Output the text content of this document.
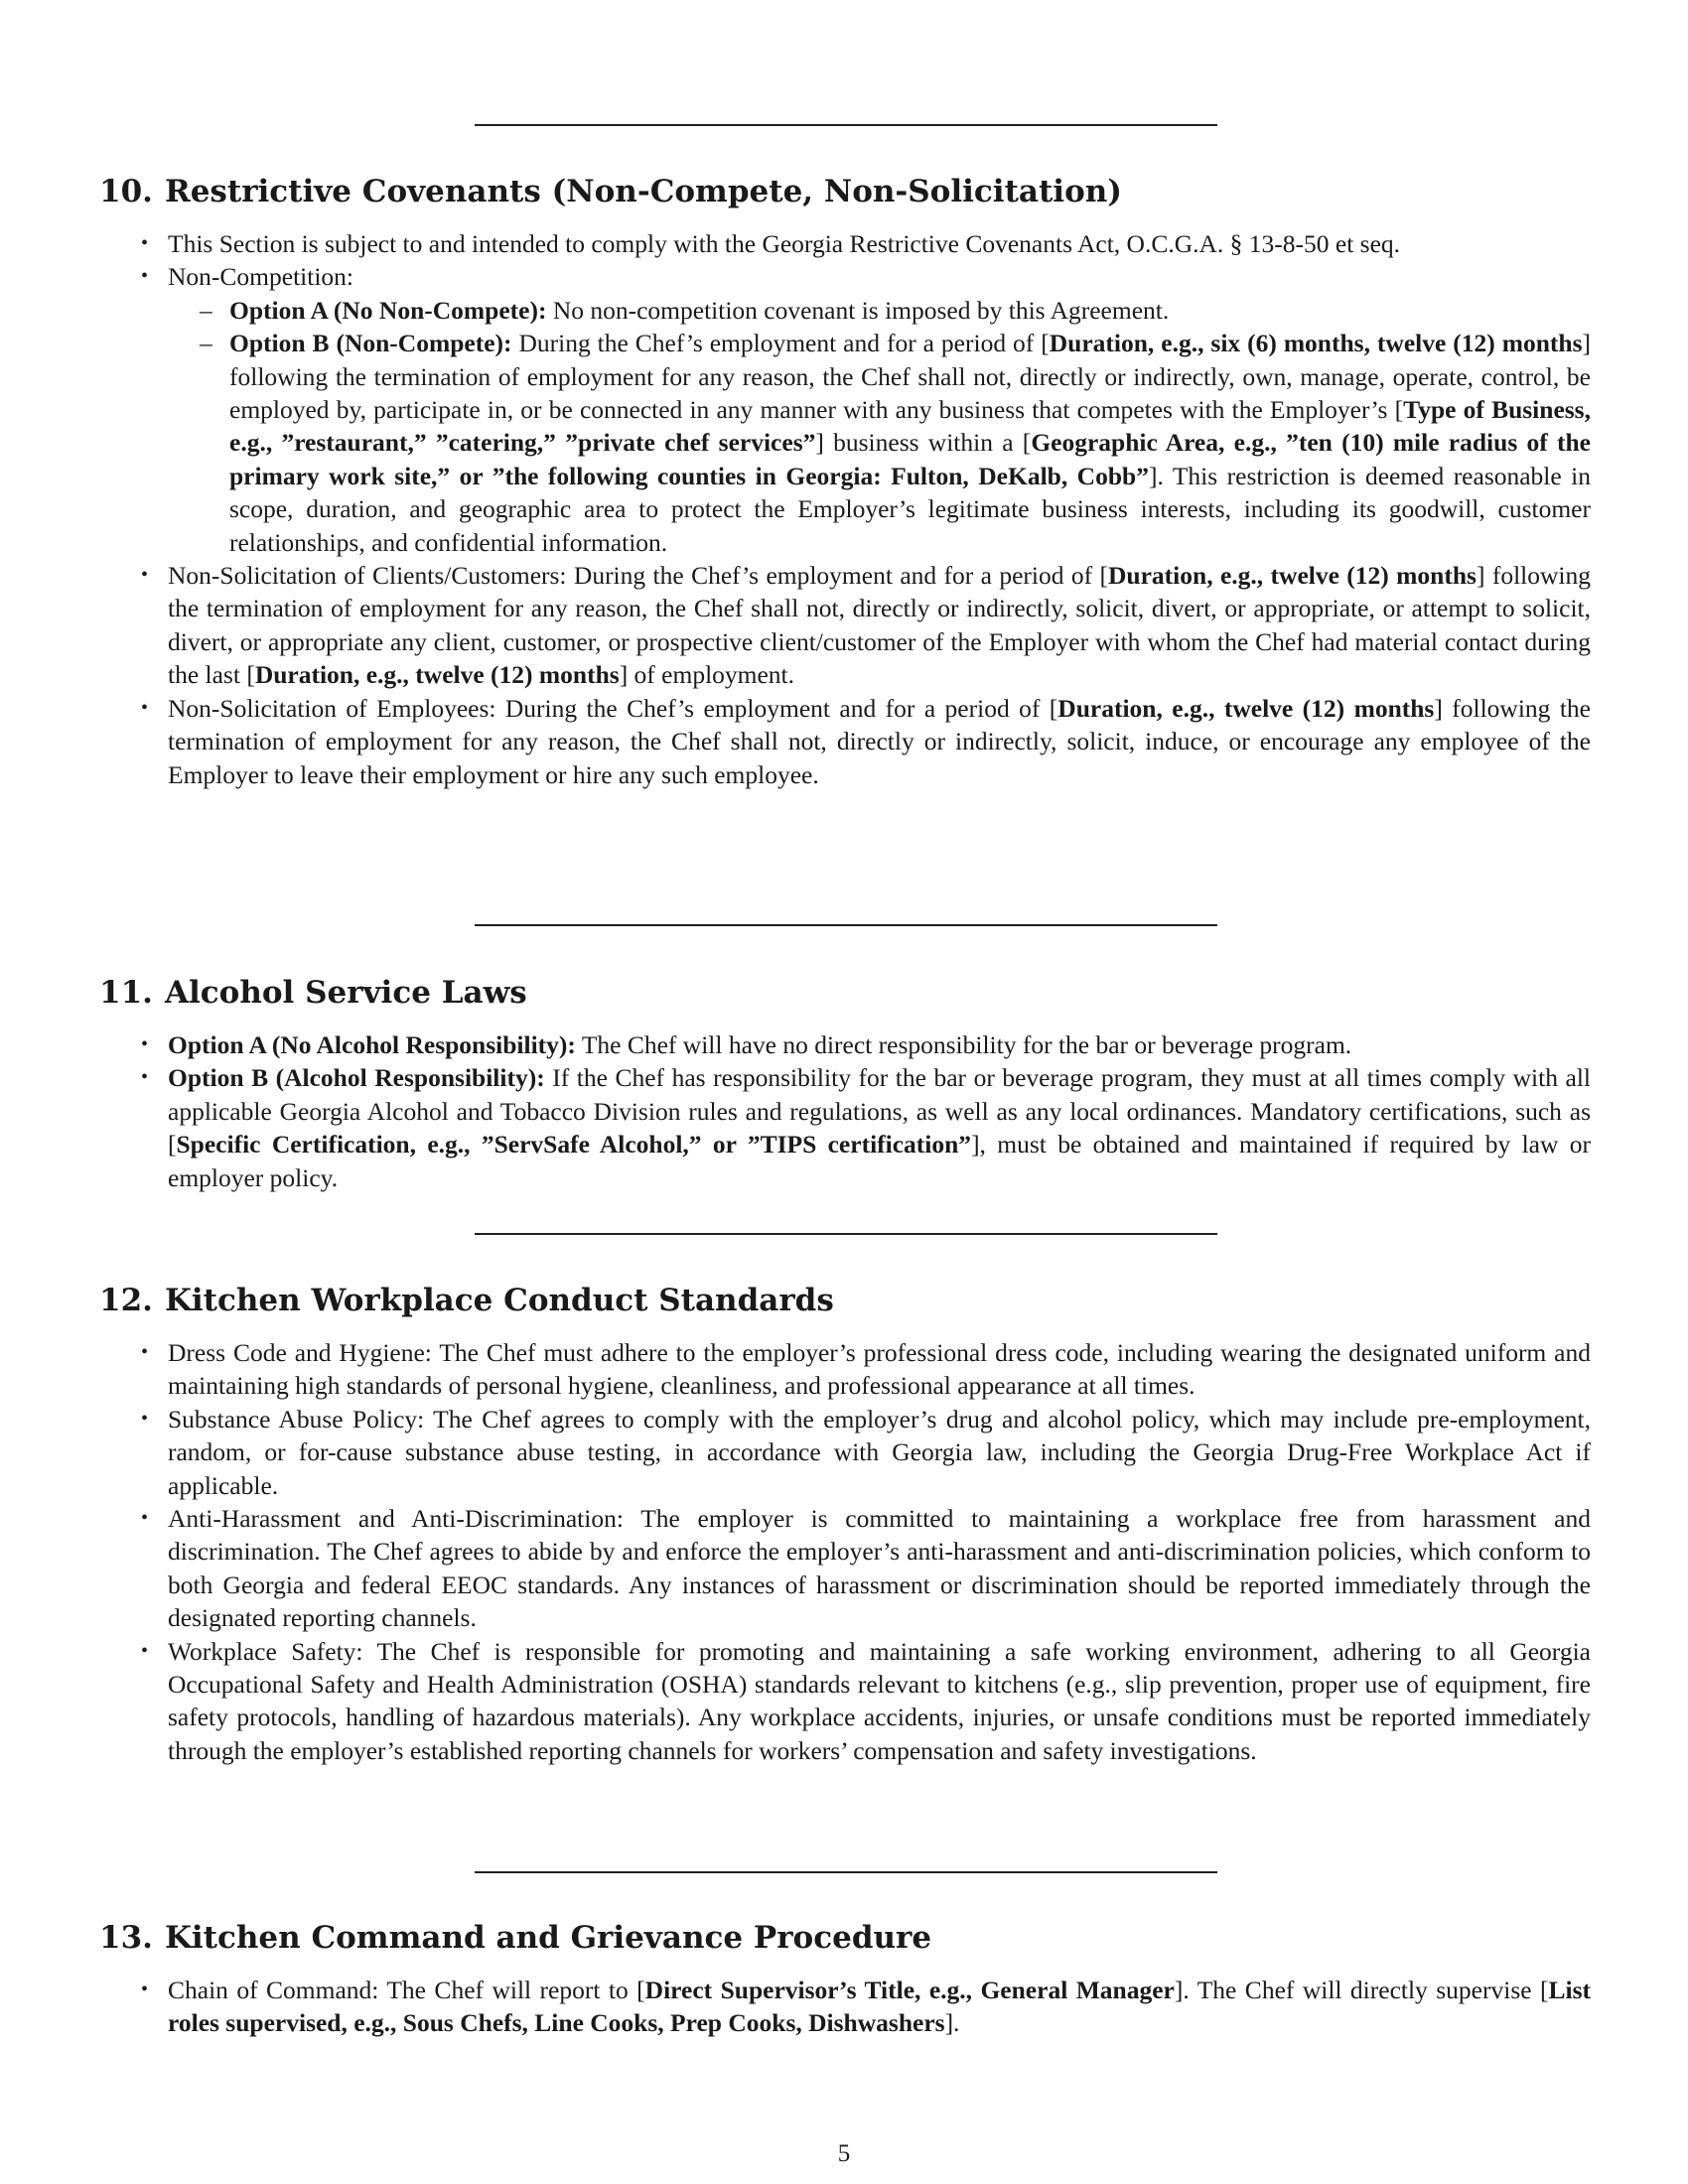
10. Restrictive Covenants (Non-Compete, Non-Solicitation)
• This Section is subject to and intended to comply with the Georgia Restrictive Covenants Act, O.C.G.A. § 13-8-50 et seq.
• Non-Competition:
– Option A (No Non-Compete): No non-competition covenant is imposed by this Agreement.
– Option B (Non-Compete): During the Chef’s employment and for a period of [Duration, e.g., six (6) months, twelve (12) months] following the termination of employment for any reason, the Chef shall not, directly or indirectly, own, manage, operate, control, be employed by, participate in, or be connected in any manner with any business that competes with the Employer’s [Type of Business, e.g., ”restaurant,” ”catering,” ”private chef services”] business within a [Geographic Area, e.g., ”ten (10) mile radius of the primary work site,” or ”the following counties in Georgia: Fulton, DeKalb, Cobb”]. This restriction is deemed reasonable in scope, duration, and geographic area to protect the Employer’s legitimate business interests, including its goodwill, customer relationships, and confidential information.
• Non-Solicitation of Clients/Customers: During the Chef’s employment and for a period of [Duration, e.g., twelve (12) months] following the termination of employment for any reason, the Chef shall not, directly or indirectly, solicit, divert, or appropriate, or attempt to solicit, divert, or appropriate any client, customer, or prospective client/customer of the Employer with whom the Chef had material contact during the last [Duration, e.g., twelve (12) months] of employment.
• Non-Solicitation of Employees: During the Chef’s employment and for a period of [Duration, e.g., twelve (12) months] following the termination of employment for any reason, the Chef shall not, directly or indirectly, solicit, induce, or encourage any employee of the Employer to leave their employment or hire any such employee.
11. Alcohol Service Laws
• Option A (No Alcohol Responsibility): The Chef will have no direct responsibility for the bar or beverage program.
• Option B (Alcohol Responsibility): If the Chef has responsibility for the bar or beverage program, they must at all times comply with all applicable Georgia Alcohol and Tobacco Division rules and regulations, as well as any local ordinances. Mandatory certifications, such as [Specific Certification, e.g., ”ServSafe Alcohol,” or ”TIPS certification”], must be obtained and maintained if required by law or employer policy.
12. Kitchen Workplace Conduct Standards
• Dress Code and Hygiene: The Chef must adhere to the employer’s professional dress code, including wearing the designated uniform and maintaining high standards of personal hygiene, cleanliness, and professional appearance at all times.
• Substance Abuse Policy: The Chef agrees to comply with the employer’s drug and alcohol policy, which may include pre-employment, random, or for-cause substance abuse testing, in accordance with Georgia law, including the Georgia Drug-Free Workplace Act if applicable.
• Anti-Harassment and Anti-Discrimination: The employer is committed to maintaining a workplace free from harassment and discrimination. The Chef agrees to abide by and enforce the employer’s anti-harassment and anti-discrimination policies, which conform to both Georgia and federal EEOC standards. Any instances of harassment or discrimination should be reported immediately through the designated reporting channels.
• Workplace Safety: The Chef is responsible for promoting and maintaining a safe working environment, adhering to all Georgia Occupational Safety and Health Administration (OSHA) standards relevant to kitchens (e.g., slip prevention, proper use of equipment, fire safety protocols, handling of hazardous materials). Any workplace accidents, injuries, or unsafe conditions must be reported immediately through the employer’s established reporting channels for workers’ compensation and safety investigations.
13. Kitchen Command and Grievance Procedure
• Chain of Command: The Chef will report to [Direct Supervisor’s Title, e.g., General Manager]. The Chef will directly supervise [List roles supervised, e.g., Sous Chefs, Line Cooks, Prep Cooks, Dishwashers].
5
